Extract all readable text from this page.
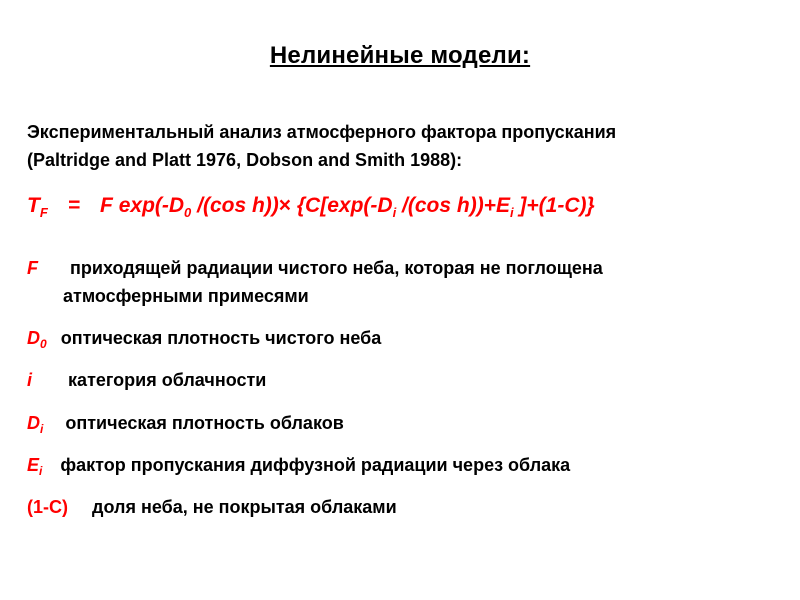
Нелинейные модели:
Экспериментальный анализ атмосферного фактора пропускания
(Paltridge and Platt 1976, Dobson and Smith 1988):
$T_F = F$ $\exp(-D_0$ /(cos $h))\times \{C[\exp(-D_i$ /(cos $h))+E_i$ ]+(1-C)}
F приходящей радиации чистого неба, которая не поглощена
атмосферными примесями
$D_0$ оптическая плотность чистого неба
i категория облачности
$D_i$ оптическая плотность облаков
$E_i$ фактор пропускания диффузной радиации через облака
(1-C) доля неба, не покрытая облаками
